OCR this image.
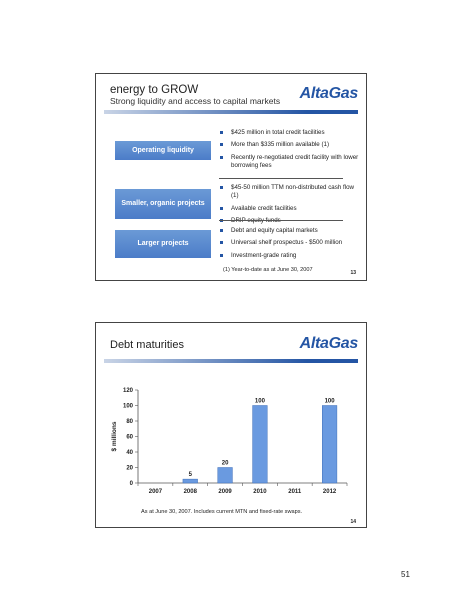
energy to GROW
Strong liquidity and access to capital markets AltaGas
Operating liquidity
$425 million in total credit facilities
More than $335 million available (1)
Recently re-negotiated credit facility with lower borrowing fees
Smaller, organic projects
$45-50 million TTM non-distributed cash flow (1)
Available credit facilities
DRIP equity funds
Larger projects
Debt and equity capital markets
Universal shelf prospectus - $500 million
Investment-grade rating
(1) Year-to-date as at June 30, 2007	13
Debt maturities	AltaGas
0
20
40
60
80
100
120
2007	2008
5
2009
20
2010
100
2011	2012
100
$ millions
As at June 30, 2007. Includes current MTN and fixed-rate swaps.
14
51
